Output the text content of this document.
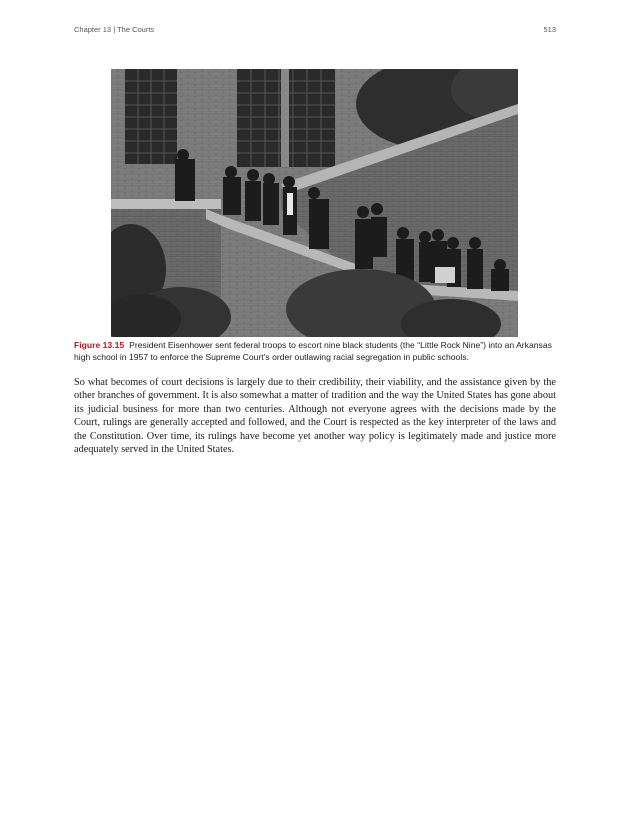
Chapter 13 | The Courts	513
Figure 13.15 President Eisenhower sent federal troops to escort nine black students (the “Little Rock Nine”) into an Arkansas high school in 1957 to enforce the Supreme Court’s order outlawing racial segregation in public schools.

So what becomes of court decisions is largely due to their credibility, their viability, and the assistance given by the other branches of government. It is also somewhat a matter of tradition and the way the United States has gone about its judicial business for more than two centuries. Although not everyone agrees with the decisions made by the Court, rulings are generally accepted and followed, and the Court is respected as the key interpreter of the laws and the Constitution. Over time, its rulings have become yet another way policy is legitimately made and justice more adequately served in the United States.
